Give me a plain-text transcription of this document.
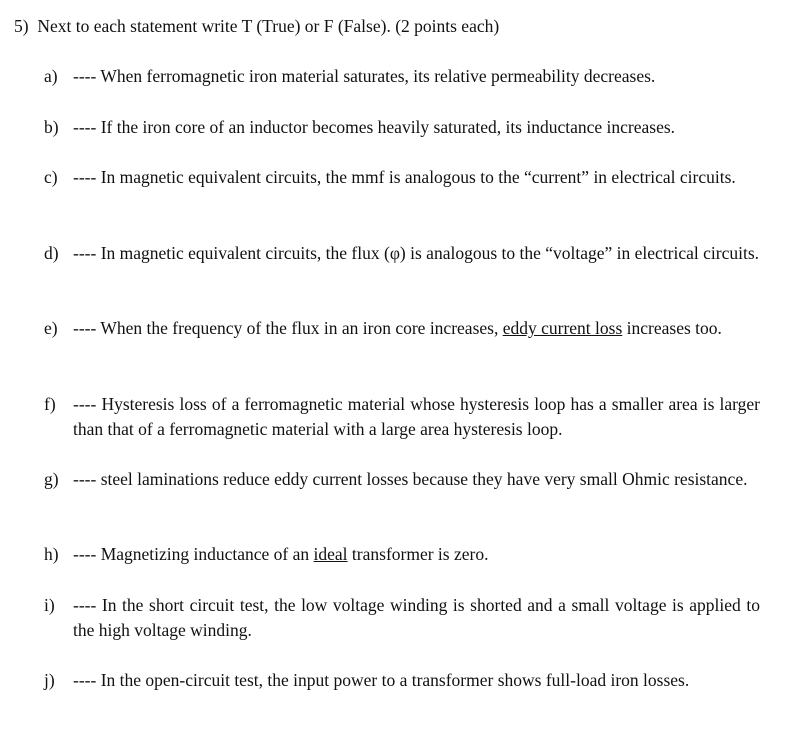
5) Next to each statement write T (True) or F (False). (2 points each)
a) ---- When ferromagnetic iron material saturates, its relative permeability decreases.
b) ---- If the iron core of an inductor becomes heavily saturated, its inductance increases.
c) ---- In magnetic equivalent circuits, the mmf is analogous to the “current” in electrical circuits.
d) ---- In magnetic equivalent circuits, the flux (φ) is analogous to the “voltage” in electrical circuits.
e) ---- When the frequency of the flux in an iron core increases, eddy current loss increases too.
f) ---- Hysteresis loss of a ferromagnetic material whose hysteresis loop has a smaller area is larger than that of a ferromagnetic material with a large area hysteresis loop.
g) ---- steel laminations reduce eddy current losses because they have very small Ohmic resistance.
h) ---- Magnetizing inductance of an ideal transformer is zero.
i)	---- In the short circuit test, the low voltage winding is shorted and a small voltage is applied to the high voltage winding.
j)	---- In the open-circuit test, the input power to a transformer shows full-load iron losses.
